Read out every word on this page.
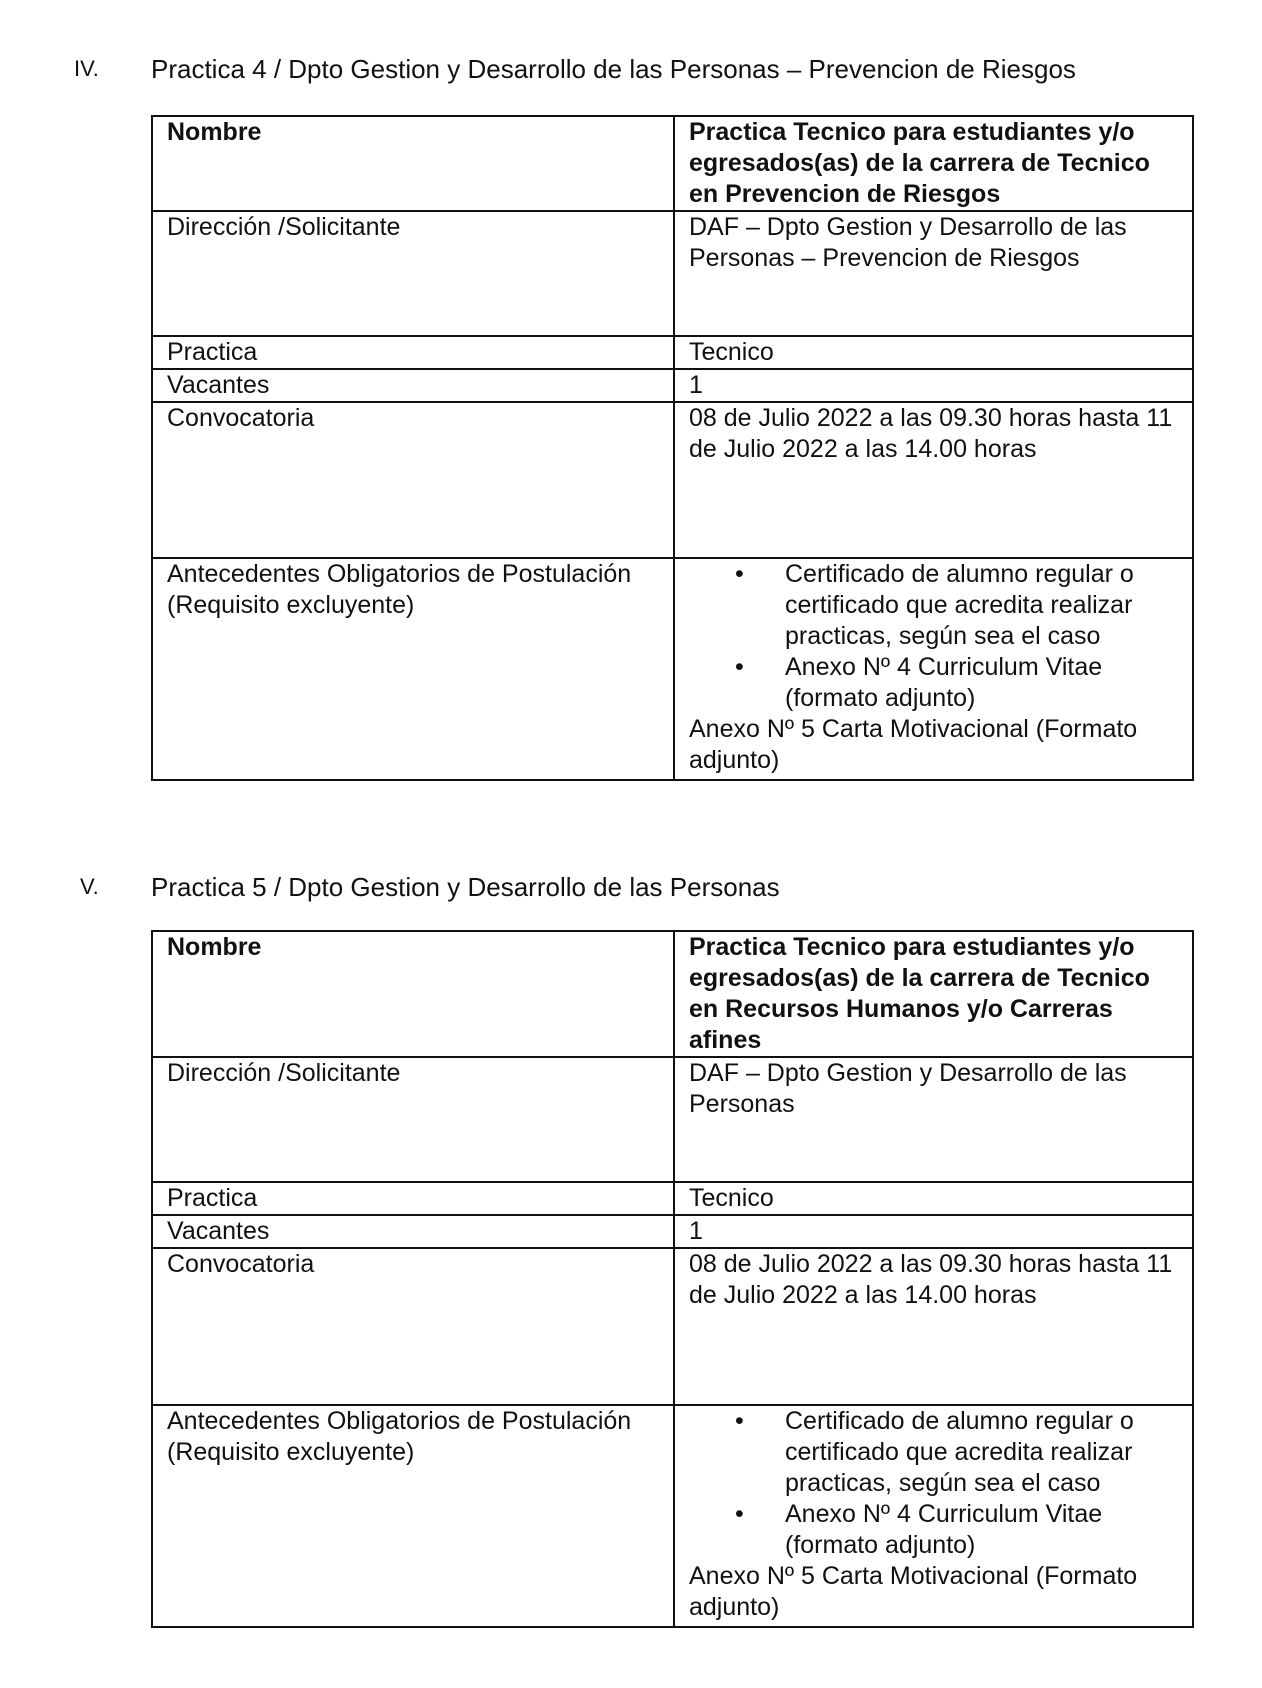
IV. Practica 4 / Dpto Gestion y Desarrollo de las Personas – Prevencion de Riesgos
Nombre	Practica Tecnico para estudiantes y/o egresados(as) de la carrera de Tecnico en Prevencion de Riesgos
Dirección /Solicitante	DAF – Dpto Gestion y Desarrollo de las Personas – Prevencion de Riesgos
Practica	Tecnico
Vacantes	1
Convocatoria	08 de Julio 2022 a las 09.30 horas hasta 11 de Julio 2022 a las 14.00 horas
Antecedentes Obligatorios de Postulación (Requisito excluyente)	• Certificado de alumno regular o certificado que acredita realizar practicas, según sea el caso
• Anexo Nº 4 Curriculum Vitae (formato adjunto)
Anexo Nº 5 Carta Motivacional (Formato adjunto)
V. Practica 5 / Dpto Gestion y Desarrollo de las Personas
Nombre	Practica Tecnico para estudiantes y/o egresados(as) de la carrera de Tecnico en Recursos Humanos y/o Carreras afines
Dirección /Solicitante	DAF – Dpto Gestion y Desarrollo de las Personas
Practica	Tecnico
Vacantes	1
Convocatoria	08 de Julio 2022 a las 09.30 horas hasta 11 de Julio 2022 a las 14.00 horas
Antecedentes Obligatorios de Postulación (Requisito excluyente)	• Certificado de alumno regular o certificado que acredita realizar practicas, según sea el caso
• Anexo Nº 4 Curriculum Vitae (formato adjunto)
Anexo Nº 5 Carta Motivacional (Formato adjunto)
